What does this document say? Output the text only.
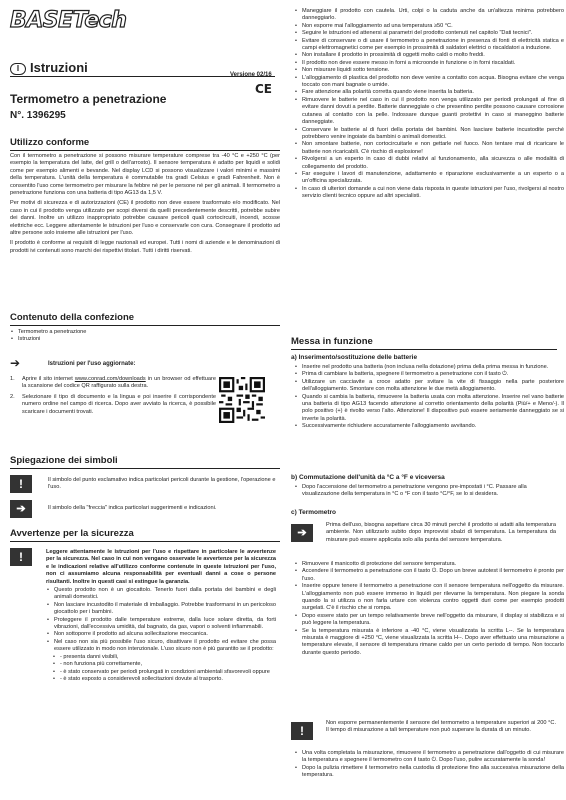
BASETech
I Istruzioni	Versione 02/16
CE
Termometro a penetrazione
N°. 1396295
Utilizzo conforme

Con il termometro a penetrazione si possono misurare temperature comprese tra -40 °C e +250 °C (per esempio la temperatura del latte, del grill o dell'arrosto). Il sensore temperatura è adatto per liquidi e solidi come per esempio alimenti e bevande. Nel display LCD si possono visualizzare i valori minimi e massimi della temperatura. L'unità della temperatura è commutabile tra gradi Celsius e gradi Fahrenheit. Non è consentito l'uso come termometro per misurare la febbre né per le persone né per gli animali. Il termometro a penetrazione funziona con una batteria di tipo AG13 da 1,5 V.

Per motivi di sicurezza e di autorizzazioni (CE) il prodotto non deve essere trasformato e/o modificato. Nel caso in cui il prodotto venga utilizzato per scopi diversi da quelli precedentemente descritti, potrebbe subire dei danni. Inoltre un utilizzo inappropriato potrebbe causare pericoli quali cortocircuiti, incendi, scosse elettriche ecc. Leggere attentamente le istruzioni per l'uso e conservarle con cura. Consegnare il prodotto ad altre persone solo insieme alle istruzioni per l'uso.

Il prodotto è conforme ai requisiti di legge nazionali ed europei. Tutti i nomi di aziende e le denominazioni di prodotti ivi contenuti sono marchi dei rispettivi titolari. Tutti i diritti riservati.

Contenuto della confezione
• Termometro a penetrazione
• Istruzioni
➔	Istruzioni per l'uso aggiornate:

1.	Aprire il sito internet www.conrad.com/downloads in un browser od effettuare la scansione del codice QR raffigurato sulla destra.

2.	Selezionare il tipo di documento e la lingua e poi inserire il corrispondente numero ordine nel campo di ricerca. Dopo aver avviato la ricerca, è possibile scaricare i documenti trovati.

Spiegazione dei simboli
!	Il simbolo del punto esclamativo indica particolari pericoli durante la gestione, l'operazione e l'uso.

➔	Il simbolo della "freccia" indica particolari suggerimenti e indicazioni.

Avvertenze per la sicurezza
!	Leggere attentamente le istruzioni per l'uso e rispettare in particolare le avvertenze per la sicurezza. Nel caso in cui non vengano osservate le avvertenze per la sicurezza e le indicazioni relative all'utilizzo conforme contenute in queste istruzioni per l'uso, non ci assumiamo alcuna responsabilità per eventuali danni a cose o persone risultanti. Inoltre in questi casi si estingue la garanzia.

• Questo prodotto non è un giocattolo. Tenerlo fuori dalla portata dei bambini e degli animali domestici.
• Non lasciare incustodito il materiale di imballaggio. Potrebbe trasformarsi in un pericoloso giocattolo per i bambini.
• Proteggere il prodotto dalle temperature estreme, dalla luce solare diretta, da forti vibrazioni, dall'eccessiva umidità, dal bagnato, da gas, vapori o solventi infiammabili.
• Non sottoporre il prodotto ad alcuna sollecitazione meccanica.
• Nel caso non sia più possibile l'uso sicuro, disattivare il prodotto ed evitare che possa essere utilizzato in modo non intenzionale. L'uso sicuro non è più garantito se il prodotto:
• - presenta danni visibili,
• - non funziona più correttamente,
• - è stato conservato per periodi prolungati in condizioni ambientali sfavorevoli oppure
• - è stato esposto a considerevoli sollecitazioni dovute al trasporto.
• Maneggiare il prodotto con cautela. Urti, colpi o la caduta anche da un'altezza minima potrebbero danneggiarlo.
• Non esporre mai l'alloggiamento ad una temperatura ≥50 °C.
• Seguire le istruzioni ed attenersi ai parametri del prodotto contenuti nel capitolo "Dati tecnici".
• Evitare di conservare o di usare il termometro a penetrazione in presenza di fonti di elettricità statica e campi elettromagnetici come per esempio in prossimità di saldatori elettrici o riscaldatori a induzione.
• Non installare il prodotto in prossimità di oggetti molto caldi o molto freddi.
• Il prodotto non deve essere messo in forni a microonde in funzione o in forni riscaldati.
• Non misurare liquidi sotto tensione.
• L'alloggiamento di plastica del prodotto non deve venire a contatto con acqua. Bisogna evitare che venga toccato con mani bagnate o umide.
• Fare attenzione alla polarità corretta quando viene inserita la batteria.
• Rimuovere le batterie nel caso in cui il prodotto non venga utilizzato per periodi prolungati al fine di evitare danni dovuti a perdite. Batterie danneggiate o che presentino perdite possono causare corrosione cutanea al contatto con la pelle. Indossare dunque guanti protettivi in caso si maneggino batterie danneggiate.
• Conservare le batterie al di fuori della portata dei bambini. Non lasciare batterie incustodite perché potrebbero venire ingoiate da bambini o animali domestici.
• Non smontare batterie, non cortocircuitarle e non gettarle nel fuoco. Non tentare mai di ricaricare le batterie non ricaricabili. C'è rischio di esplosione!
• Rivolgersi a un esperto in caso di dubbi relativi al funzionamento, alla sicurezza o alle modalità di collegamento del prodotto.
• Far eseguire i lavori di manutenzione, adattamento e riparazione esclusivamente a un esperto o a un'officina specializzata.
• In caso di ulteriori domande a cui non viene data risposta in queste istruzioni per l'uso, rivolgersi al nostro servizio clienti tecnico oppure ad altri specialisti.
Messa in funzione
a) Inserimento/sostituzione delle batterie
• Inserire nel prodotto una batteria (non inclusa nella dotazione) prima della prima messa in funzione.
• Prima di cambiare la batteria, spegnere il termometro a penetrazione con il tasto ⏻.
• Utilizzare un cacciavite a croce adatto per svitare la vite di fissaggio nella parte posteriore dell'alloggiamento. Smontare con molta attenzione le due metà alloggiamento.
• Quando si cambia la batteria, rimuovere la batteria usata con molta attenzione. Inserire nel vano batterie una batteria di tipo AG13 facendo attenzione al corretto orientamento della polarità (Più/+ e Meno/-). Il polo positivo (+) è rivolto verso l'alto. Attenzione! Il dispositivo può essere seriamente danneggiato se si inverte la polarità.
• Successivamente richiudere accuratamente l'alloggiamento avvitando.
b) Commutazione dell'unità da °C a °F e viceversa
• Dopo l'accensione del termometro a penetrazione vengono pre-impostati i °C. Passare alla visualizzazione della temperatura in °C o °F con il tasto °C/°F, se lo si desidera.
c) Termometro
➔

Prima dell'uso, bisogna aspettare circa 30 minuti perché il prodotto si adatti alla temperatura ambiente. Non utilizzarlo subito dopo improvvisi sbalzi di temperatura. La temperatura da misurare può essere applicata solo alla punta del sensore temperatura.

• Rimuovere il manicotto di protezione del sensore temperatura.
• Accendere il termometro a penetrazione con il tasto ⏻. Dopo un breve autotest il termometro è pronto per l'uso.
• Inserire oppure tenere il termometro a penetrazione con il sensore temperatura nell'oggetto da misurare. L'alloggiamento non può essere immerso in liquidi per rilevarne la temperatura. Non piegare la sonda quando la si utilizza o non farla urtare con violenza contro oggetti duri come per esempio prodotti surgelati. C'è il rischio che si rompa.
• Dopo essere stato per un tempo relativamente breve nell'oggetto da misurare, il display si stabilizza e si può leggere la temperatura.
• Se la temperatura misurata è inferiore a -40 °C, viene visualizzata la scritta L--. Se la temperatura misurata è maggiore di +250 °C, viene visualizzata la scritta H--. Dopo aver effettuato una misurazione a temperature elevate, il sensore di temperatura rimane caldo per un certo periodo di tempo. Non toccarlo durante questo periodo.
!

Non esporre permanentemente il sensore del termometro a temperature superiori ai 200 °C. Il tempo di misurazione a tali temperature non può superare la durata di un minuto.

• Una volta completata la misurazione, rimuovere il termometro a penetrazione dall'oggetto di cui misurare la temperatura e spegnere il termometro con il tasto ⏻. Dopo l'uso, pulire accuratamente la sonda!
• Dopo la pulizia rimettere il termometro nella custodia di protezione fino alla successiva misurazione della temperatura.
